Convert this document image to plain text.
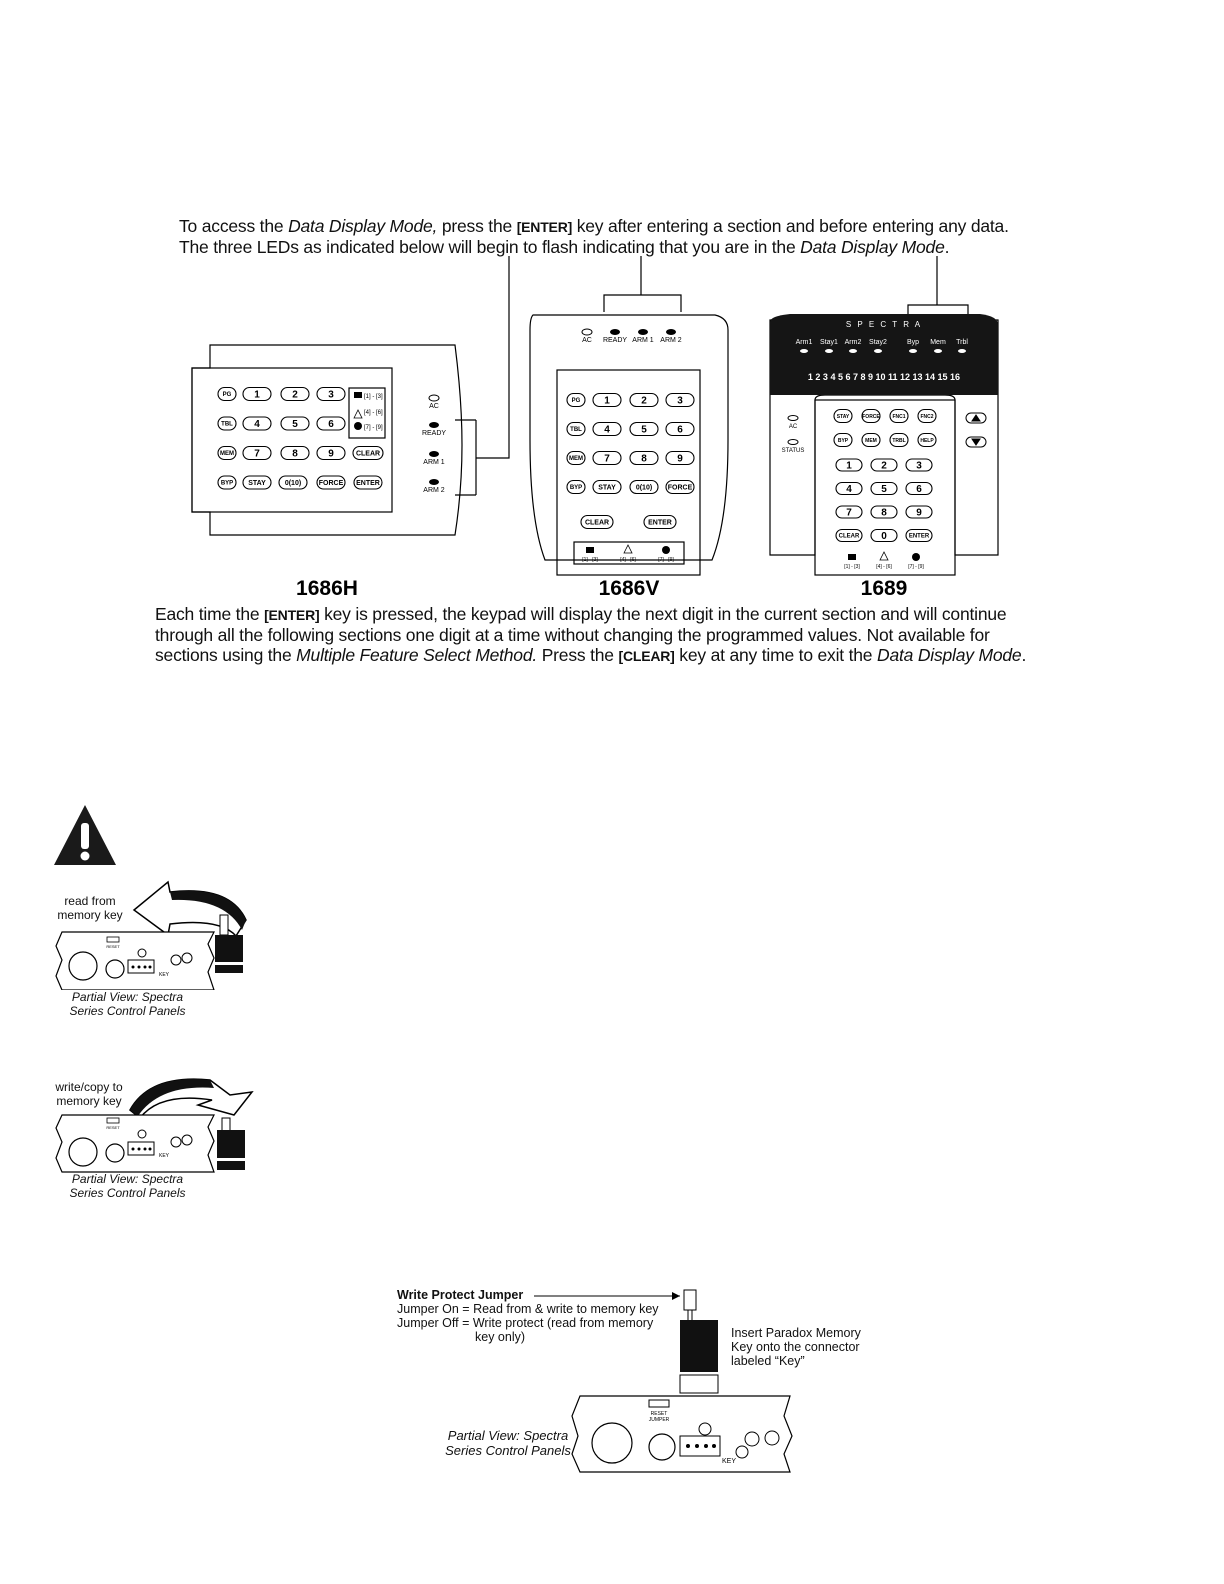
To access the Data Display Mode, press the [ENTER] key after entering a section and before entering any data. The three LEDs as indicated below will begin to flash indicating that you are in the Data Display Mode.
S P E C T R A
AC
READY
ARM 1
ARM 2
[1] - [3]
[4] - [6]
[7] - [9]
AC READY ARM 1 ARM 2
[1] - [3]	[4] - [6]	[7] - [9]
Arm1 Stay1 Arm2 Stay2	Byp Mem Trbl
1 2 3 4 5 6 7 8 9 10 11 12 13 14 15 16
AC
STATUS
[1] - [3]	[4] - [6]	[7] - [9]
PG 1	2	3
TBL 4	5	6
MEM 7	8	9	CLEAR
BYP STAY	0(10)	FORCE ENTER
PG 1	2	3
TBL 4	5	6
MEM 7	8	9
BYP STAY	0(10) FORCE
CLEAR	ENTER
STAY	FORCE	FNC1	FNC2
BYP	MEM	TRBL	HELP
1	2	3
4	5	6
7	8	9
CLEAR 0	ENTER
1686H	1686V	1689
Each time the [ENTER] key is pressed, the keypad will display the next digit in the current section and will continue through all the following sections one digit at a time without changing the programmed values. Not available for sections using the Multiple Feature Select Method. Press the [CLEAR] key at any time to exit the Data Display Mode.
read from
memory key
RESET
KEY
Partial View: Spectra
Series Control Panels
write/copy to
memory key
RESET
KEY
Partial View: Spectra
Series Control Panels
Write Protect Jumper
Jumper On = Read from & write to memory key
Jumper Off = Write protect (read from memory
key only)	Insert Paradox Memory
Key onto the connector
labeled “Key”
RESET
JUMPER
KEY
Partial View: Spectra
Series Control Panels
